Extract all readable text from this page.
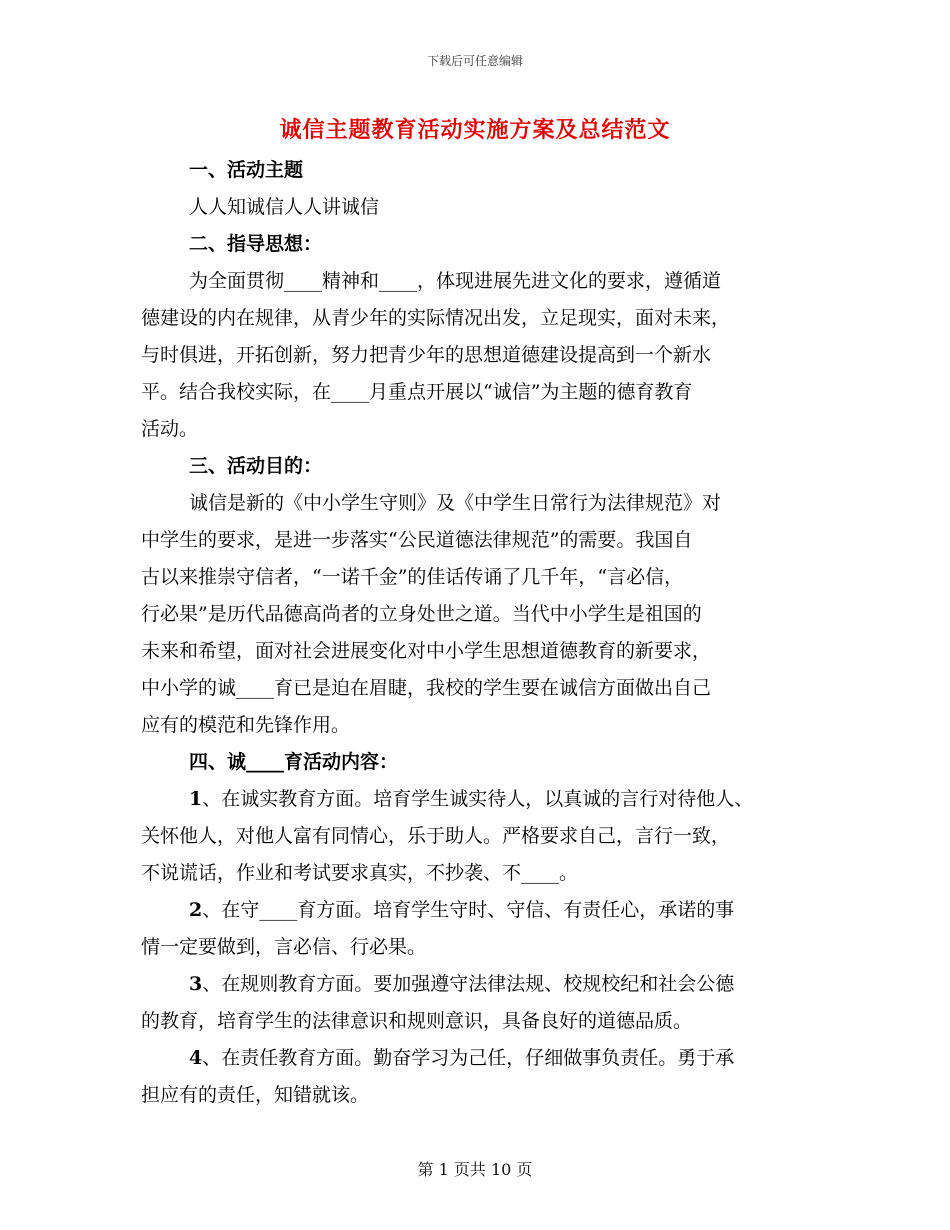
下载后可任意编辑
诚信主题教育活动实施方案及总结范文
一、活动主题
人人知诚信人人讲诚信
二、指导思想：

为全面贯彻____精神和____，体现进展先进文化的要求，遵循道
德建设的内在规律，从青少年的实际情况出发，立足现实，面对未来，
与时俱进，开拓创新，努力把青少年的思想道德建设提高到一个新水
平。结合我校实际，在____月重点开展以“诚信”为主题的德育教育
活动。

三、活动目的：

诚信是新的《中小学生守则》及《中学生日常行为法律规范》对
中学生的要求，是进一步落实“公民道德法律规范”的需要。我国自
古以来推崇守信者，“一诺千金”的佳话传诵了几千年，“言必信，
行必果”是历代品德高尚者的立身处世之道。当代中小学生是祖国的
未来和希望，面对社会进展变化对中小学生思想道德教育的新要求，
中小学的诚____育已是迫在眉睫，我校的学生要在诚信方面做出自己
应有的模范和先锋作用。

四、诚____育活动内容：

1、在诚实教育方面。培育学生诚实待人，以真诚的言行对待他人、
关怀他人，对他人富有同情心，乐于助人。严格要求自己，言行一致，
不说谎话，作业和考试要求真实，不抄袭、不____。

2、在守____育方面。培育学生守时、守信、有责任心，承诺的事
情一定要做到，言必信、行必果。

3、在规则教育方面。要加强遵守法律法规、校规校纪和社会公德
的教育，培育学生的法律意识和规则意识，具备良好的道德品质。

4、在责任教育方面。勤奋学习为己任，仔细做事负责任。勇于承
担应有的责任，知错就该。

第 1 页共 10 页
